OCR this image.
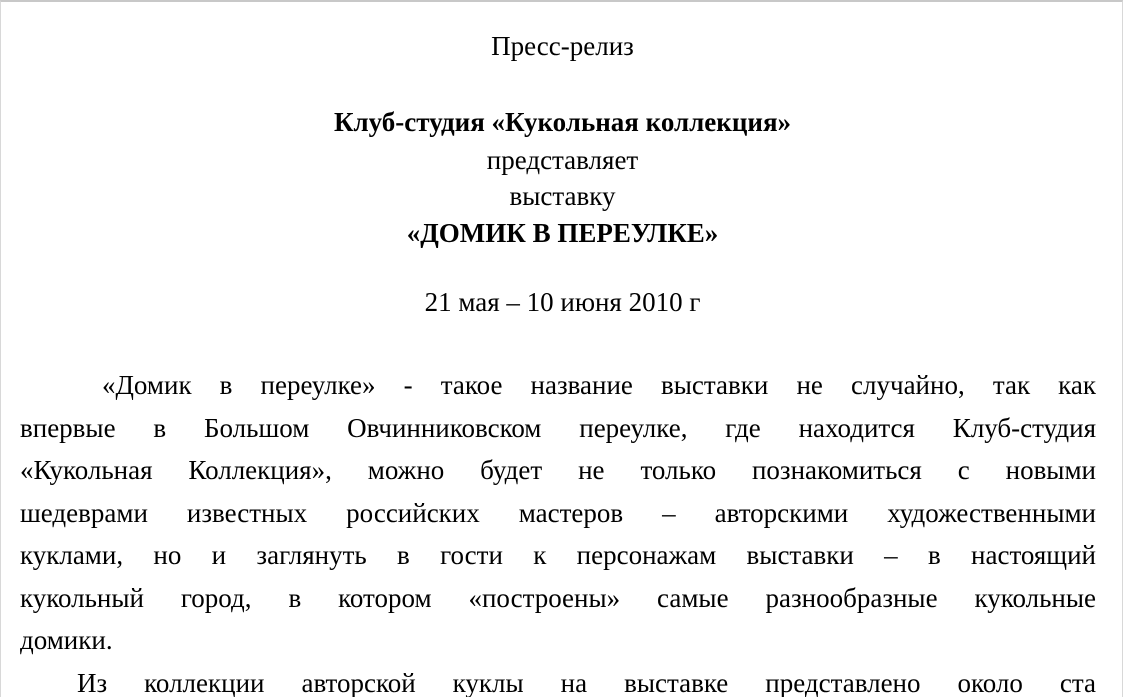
Пресс-релиз

Клуб-студия «Кукольная коллекция»

представляет

выставку

«ДОМИК В ПЕРЕУЛКЕ»

21 мая – 10 июня 2010 г

«Домик в переулке» - такое название выставки не случайно, так как
впервые в Большом Овчинниковском переулке, где находится Клуб-студия
«Кукольная Коллекция», можно будет не только познакомиться с новыми
шедеврами известных российских мастеров – авторскими художественными
куклами, но и заглянуть в гости к персонажам выставки – в настоящий
кукольный город, в котором «построены» самые разнообразные кукольные
домики.
Из коллекции авторской куклы на выставке представлено около ста
